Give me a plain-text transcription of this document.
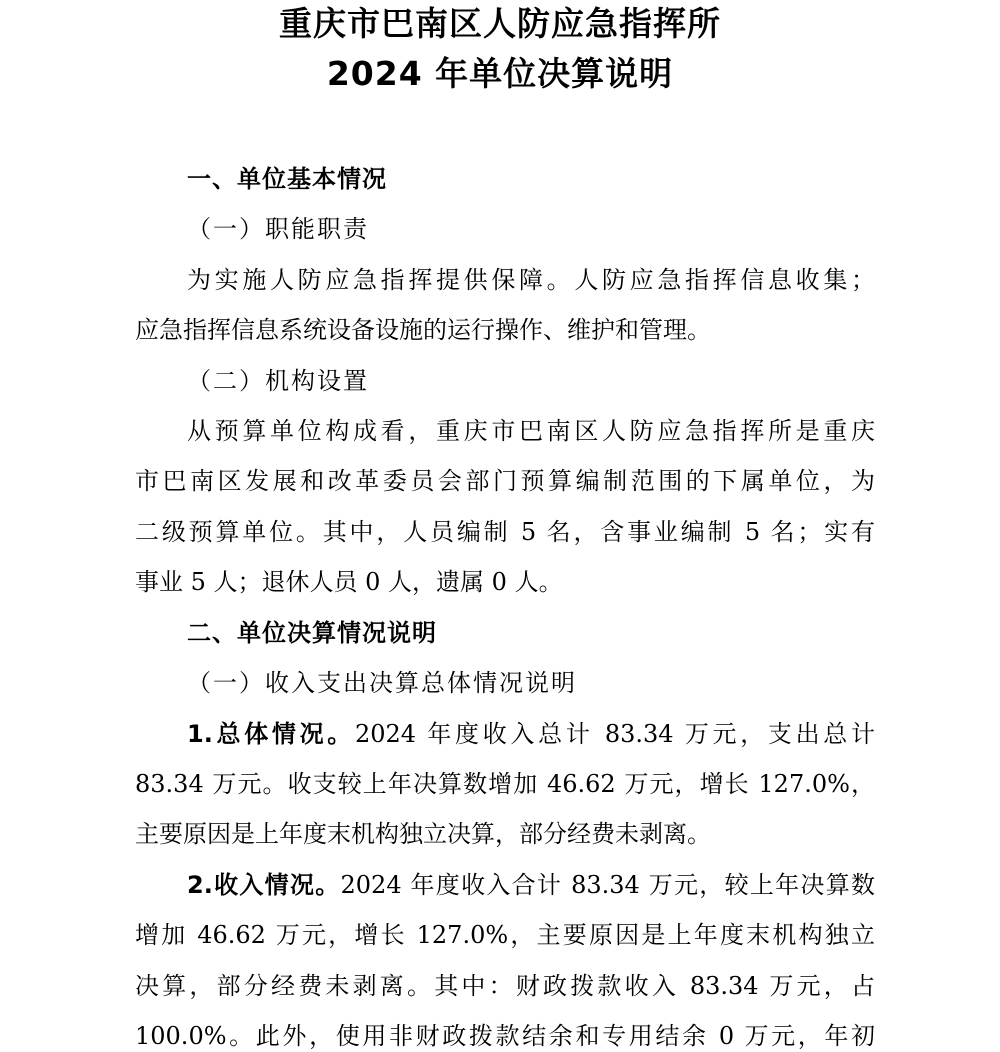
重庆市巴南区人防应急指挥所
2024 年单位决算说明
一、单位基本情况
（一）职能职责
为实施人防应急指挥提供保障。人防应急指挥信息收集；
应急指挥信息系统设备设施的运行操作、维护和管理。
（二）机构设置
从预算单位构成看，重庆市巴南区人防应急指挥所是重庆
市巴南区发展和改革委员会部门预算编制范围的下属单位，为
二级预算单位。其中，人员编制 5 名，含事业编制 5 名；实有
事业 5 人；退休人员 0 人，遗属 0 人。
二、单位决算情况说明
（一）收入支出决算总体情况说明
1.总体情况。2024 年度收入总计 83.34 万元，支出总计
83.34 万元。收支较上年决算数增加 46.62 万元，增长 127.0%，
主要原因是上年度末机构独立决算，部分经费未剥离。
2.收入情况。2024 年度收入合计 83.34 万元，较上年决算数
增加 46.62 万元，增长 127.0%，主要原因是上年度末机构独立
决算，部分经费未剥离。其中：财政拨款收入 83.34 万元，占
100.0%。此外，使用非财政拨款结余和专用结余 0 万元，年初
